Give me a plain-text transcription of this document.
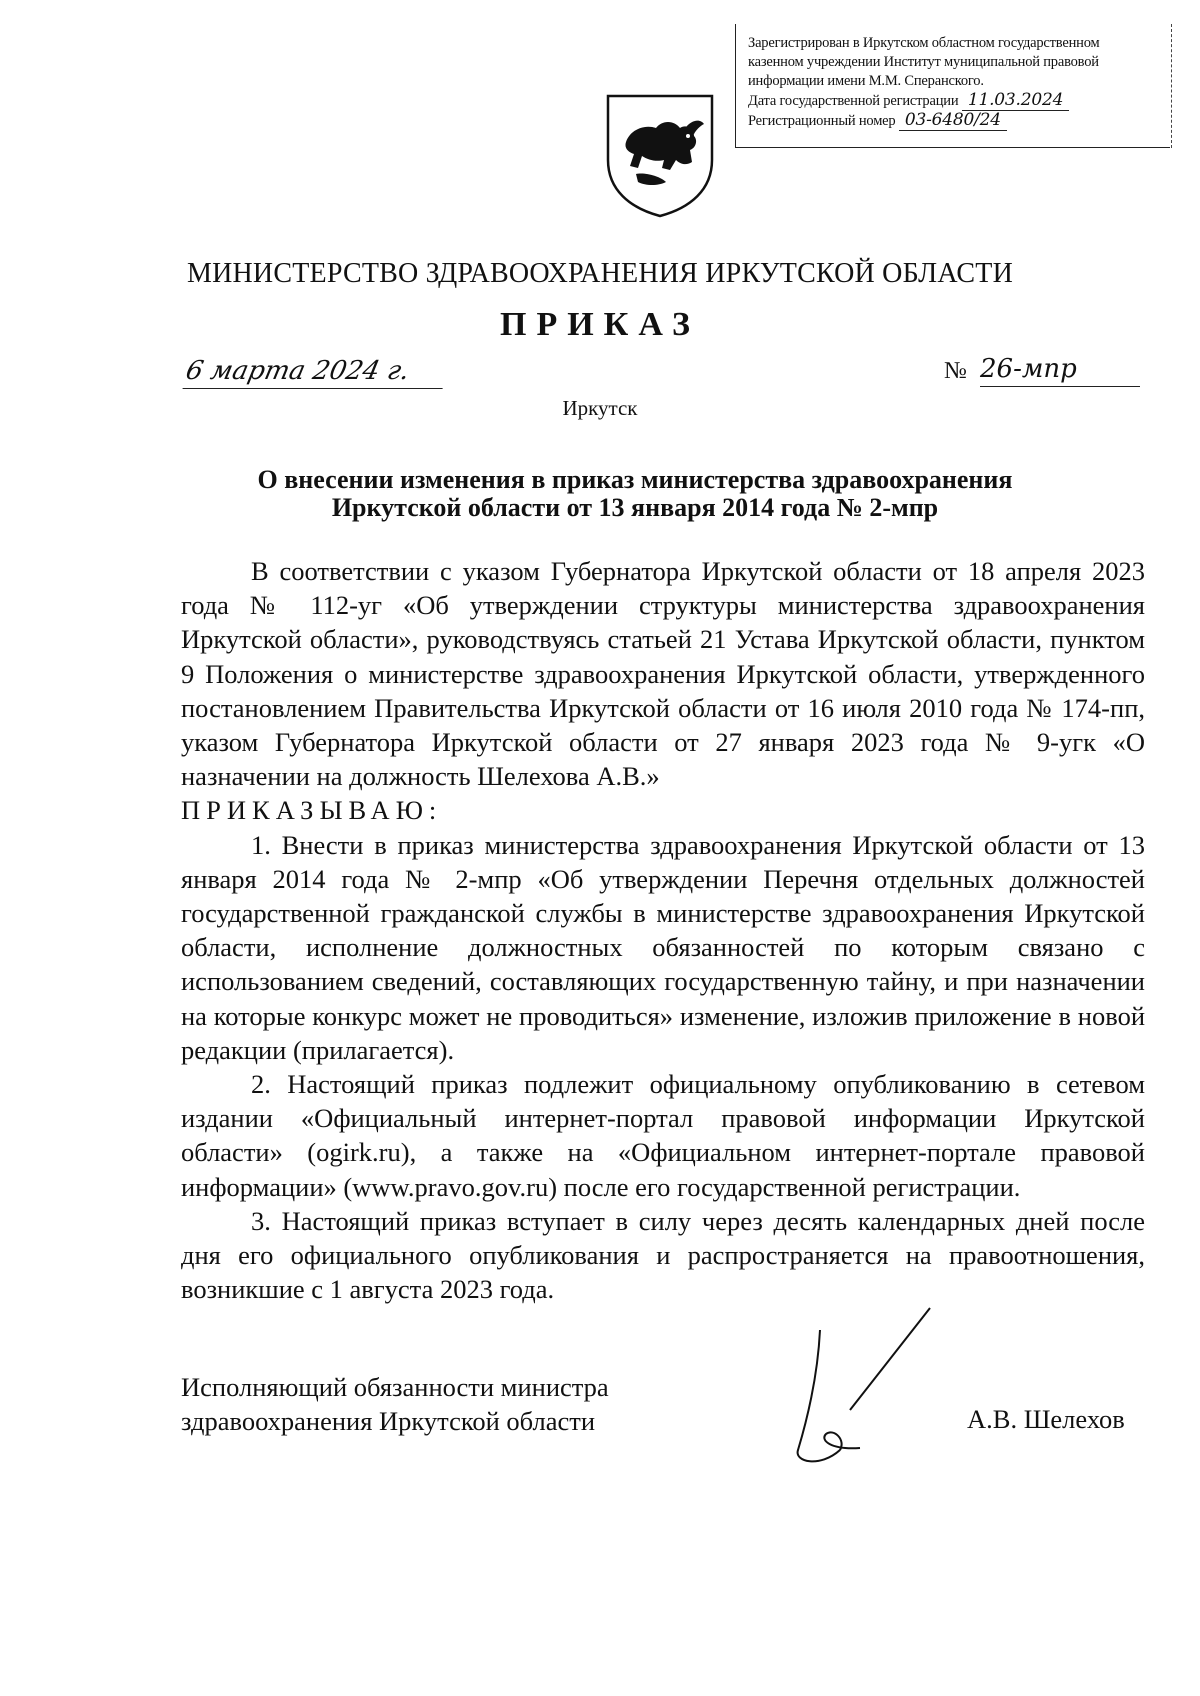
Зарегистрирован в Иркутском областном государственном
казенном учреждении Институт муниципальной правовой
информации имени М.М. Сперанского.
Дата государственной регистрации 11.03.2024
Регистрационный номер 03-6480/24
МИНИСТЕРСТВО ЗДРАВООХРАНЕНИЯ ИРКУТСКОЙ ОБЛАСТИ
ПРИКАЗ
6 марта 2024 г.	№ 26-мпр
Иркутск
О внесении изменения в приказ министерства здравоохранения
Иркутской области от 13 января 2014 года № 2-мпр

В соответствии с указом Губернатора Иркутской области от 18 апреля 2023 года № 112-уг «Об утверждении структуры министерства здравоохранения Иркутской области», руководствуясь статьей 21 Устава Иркутской области, пунктом 9 Положения о министерстве здравоохранения Иркутской области, утвержденного постановлением Правительства Иркутской области от 16 июля 2010 года № 174-пп, указом Губернатора Иркутской области от 27 января 2023 года № 9-угк «О назначении на должность Шелехова А.В.»

ПРИКАЗЫВАЮ:

1. Внести в приказ министерства здравоохранения Иркутской области от 13 января 2014 года № 2-мпр «Об утверждении Перечня отдельных должностей государственной гражданской службы в министерстве здравоохранения Иркутской области, исполнение должностных обязанностей по которым связано с использованием сведений, составляющих государственную тайну, и при назначении на которые конкурс может не проводиться» изменение, изложив приложение в новой редакции (прилагается).

2. Настоящий приказ подлежит официальному опубликованию в сетевом издании «Официальный интернет-портал правовой информации Иркутской области» (ogirk.ru), а также на «Официальном интернет-портале правовой информации» (www.pravo.gov.ru) после его государственной регистрации.

3. Настоящий приказ вступает в силу через десять календарных дней после дня его официального опубликования и распространяется на правоотношения, возникшие с 1 августа 2023 года.

Исполняющий обязанности министра
здравоохранения Иркутской области	А.В. Шелехов
